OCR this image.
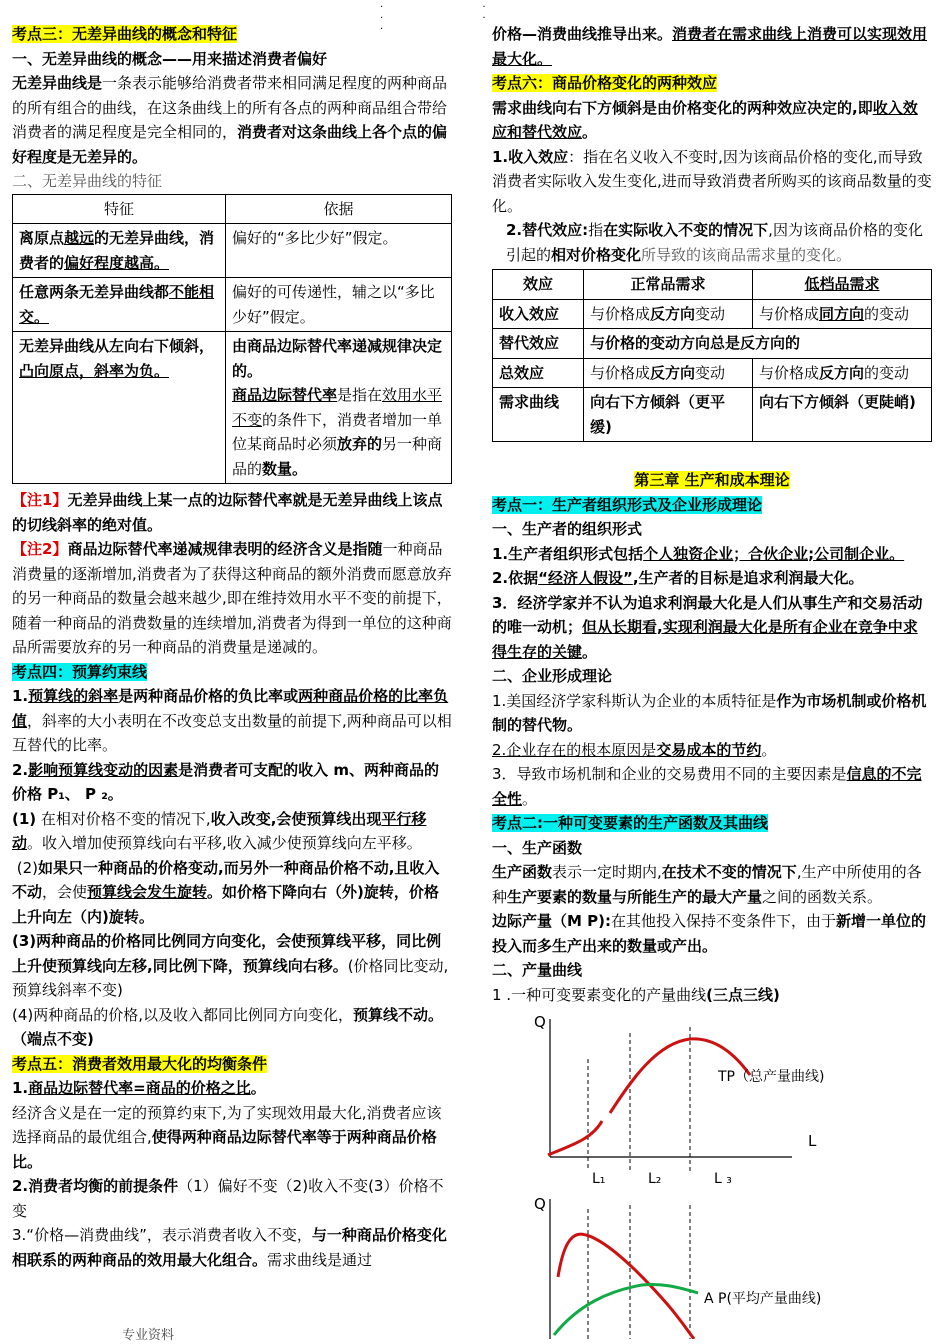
· · · · ·

考点三：无差异曲线的概念和特征

一、无差异曲线的概念——用来描述消费者偏好

无差异曲线是一条表示能够给消费者带来相同满足程度的两种商品的所有组合的曲线，在这条曲线上的所有各点的两种商品组合带给消费者的满足程度是完全相同的，消费者对这条曲线上各个点的偏好程度是无差异的。

二、无差异曲线的特征

特征	依据
离原点越远的无差异曲线，消费者的偏好程度越高。	偏好的“多比少好”假定。
任意两条无差异曲线都不能相交。	偏好的可传递性，辅之以“多比少好”假定。
无差异曲线从左向右下倾斜，凸向原点，斜率为负。	由商品边际替代率递减规律决定的。
商品边际替代率是指在效用水平不变的条件下，消费者增加一单位某商品时必须放弃的另一种商品的数量。

【注1】无差异曲线上某一点的边际替代率就是无差异曲线上该点的切线斜率的绝对值。

【注2】商品边际替代率递减规律表明的经济含义是指随一种商品消费量的逐渐增加,消费者为了获得这种商品的额外消费而愿意放弃的另一种商品的数量会越来越少,即在维持效用水平不变的前提下，随着一种商品的消费数量的连续增加,消费者为得到一单位的这种商品所需要放弃的另一种商品的消费量是递减的。

考点四：预算约束线

1.预算线的斜率是两种商品价格的负比率或两种商品价格的比率负值，斜率的大小表明在不改变总支出数量的前提下,两种商品可以相互替代的比率。

2.影响预算线变动的因素是消费者可支配的收入 m、两种商品的价格 P₁、 P ₂。

(1) 在相对价格不变的情况下,收入改变,会使预算线出现平行移动。收入增加使预算线向右平移,收入减少使预算线向左平移。

(2)如果只一种商品的价格变动,而另外一种商品价格不动,且收入不动，会使预算线会发生旋转。如价格下降向右（外)旋转，价格上升向左（内)旋转。

(3)两种商品的价格同比例同方向变化，会使预算线平移，同比例上升使预算线向左移,同比例下降，预算线向右移。(价格同比变动,预算线斜率不变)

(4)两种商品的价格,以及收入都同比例同方向变化，预算线不动。（端点不变)

考点五：消费者效用最大化的均衡条件

1.商品边际替代率=商品的价格之比。

经济含义是在一定的预算约束下,为了实现效用最大化,消费者应该选择商品的最优组合,使得两种商品边际替代率等于两种商品价格比。

2.消费者均衡的前提条件（1）偏好不变（2)收入不变(3）价格不变

3.“价格—消费曲线”，表示消费者收入不变，与一种商品价格变化相联系的两种商品的效用最大化组合。需求曲线是通过

价格—消费曲线推导出来。消费者在需求曲线上消费可以实现效用最大化。

考点六：商品价格变化的两种效应

需求曲线向右下方倾斜是由价格变化的两种效应决定的,即收入效应和替代效应。

1.收入效应：指在名义收入不变时,因为该商品价格的变化,而导致消费者实际收入发生变化,进而导致消费者所购买的该商品数量的变化。

2.替代效应:指在实际收入不变的情况下,因为该商品价格的变化引起的相对价格变化所导致的该商品需求量的变化。

效应	正常品需求	低档品需求
收入效应	与价格成反方向变动	与价格成同方向的变动
替代效应	与价格的变动方向总是反方向的	
总效应	与价格成反方向变动	与价格成反方向的变动
需求曲线	向右下方倾斜（更平缓)	向右下方倾斜（更陡峭)

第三章 生产和成本理论

考点一：生产者组织形式及企业形成理论

一、生产者的组织形式

1.生产者组织形式包括个人独资企业；合伙企业;公司制企业。

2.依据“经济人假设”,生产者的目标是追求利润最大化。

3．经济学家并不认为追求利润最大化是人们从事生产和交易活动的唯一动机；但从长期看,实现利润最大化是所有企业在竞争中求得生存的关键。

二、企业形成理论

1.美国经济学家科斯认为企业的本质特征是作为市场机制或价格机制的替代物。

2.企业存在的根本原因是交易成本的节约。

3．导致市场机制和企业的交易费用不同的主要因素是信息的不完全性。

考点二:一种可变要素的生产函数及其曲线

一、生产函数

生产函数表示一定时期内,在技术不变的情况下,生产中所使用的各种生产要素的数量与所能生产的最大产量之间的函数关系。

边际产量（M P):在其他投入保持不变条件下，由于新增一单位的投入而多生产出来的数量或产出。

二、产量曲线

1 .一种可变要素变化的产量曲线(三点三线)

Q
L
TP（总产量曲线)
L₁	L₂	L ₃
Q
A P(平均产量曲线)
专业资料
